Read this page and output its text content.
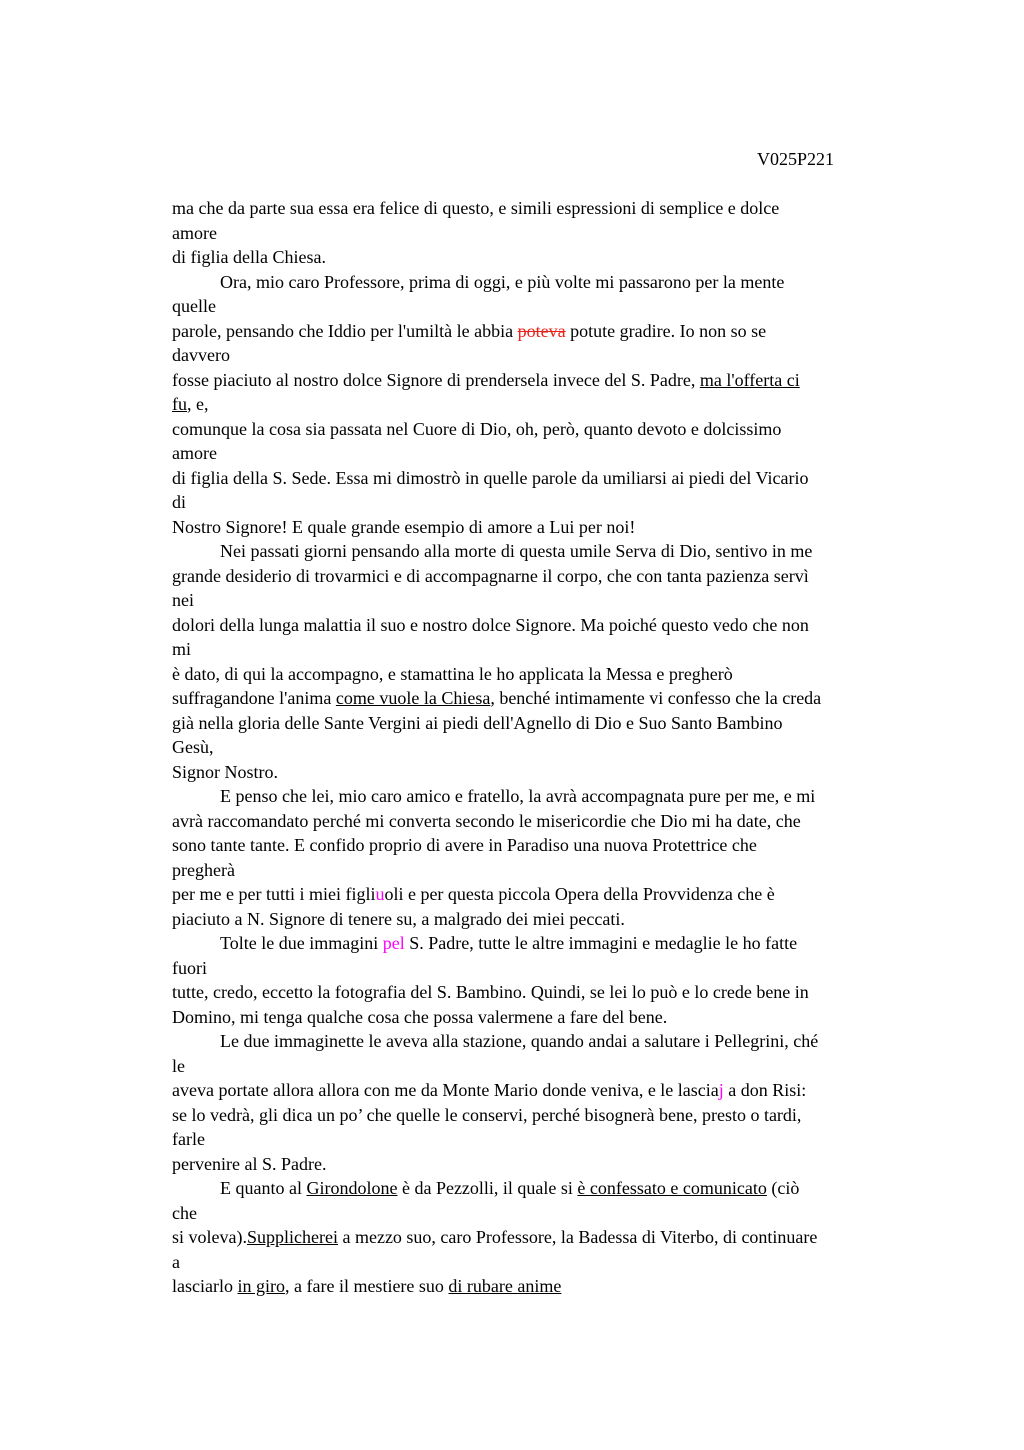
V025P221
ma che da parte sua essa era felice di questo, e simili espressioni di semplice e dolce
amore
di figlia della Chiesa.
Ora, mio caro Professore, prima di oggi, e più volte mi passarono per la mente
quelle
parole, pensando che Iddio per l'umiltà le abbia poteva potute gradire. Io non so se
davvero
fosse piaciuto al nostro dolce Signore di prendersela invece del S. Padre, ma l'offerta ci
fu, e,
comunque la cosa sia passata nel Cuore di Dio, oh, però, quanto devoto e dolcissimo
amore
di figlia della S. Sede. Essa mi dimostrò in quelle parole da umiliarsi ai piedi del Vicario
di
Nostro Signore! E quale grande esempio di amore a Lui per noi!
Nei passati giorni pensando alla morte di questa umile Serva di Dio, sentivo in me
grande desiderio di trovarmici e di accompagnarne il corpo, che con tanta pazienza servì
nei
dolori della lunga malattia il suo e nostro dolce Signore. Ma poiché questo vedo che non
mi
è dato, di qui la accompagno, e stamattina le ho applicata la Messa e pregherò
suffragandone l'anima come vuole la Chiesa, benché intimamente vi confesso che la creda
già nella gloria delle Sante Vergini ai piedi dell'Agnello di Dio e Suo Santo Bambino
Gesù,
Signor Nostro.
E penso che lei, mio caro amico e fratello, la avrà accompagnata pure per me, e mi
avrà raccomandato perché mi converta secondo le misericordie che Dio mi ha date, che
sono tante tante. E confido proprio di avere in Paradiso una nuova Protettrice che
pregherà
per me e per tutti i miei figliuoli e per questa piccola Opera della Provvidenza che è
piaciuto a N. Signore di tenere su, a malgrado dei miei peccati.
Tolte le due immagini pel S. Padre, tutte le altre immagini e medaglie le ho fatte
fuori
tutte, credo, eccetto la fotografia del S. Bambino. Quindi, se lei lo può e lo crede bene in
Domino, mi tenga qualche cosa che possa valermene a fare del bene.
Le due immaginette le aveva alla stazione, quando andai a salutare i Pellegrini, ché
le
aveva portate allora allora con me da Monte Mario donde veniva, e le lasciaj a don Risi:
se lo vedrà, gli dica un po’ che quelle le conservi, perché bisognerà bene, presto o tardi,
farle
pervenire al S. Padre.
E quanto al Girondolone è da Pezzolli, il quale si è confessato e comunicato (ciò
che
si voleva).Supplicherei a mezzo suo, caro Professore, la Badessa di Viterbo, di continuare
a
lasciarlo in giro, a fare il mestiere suo di rubare anime
